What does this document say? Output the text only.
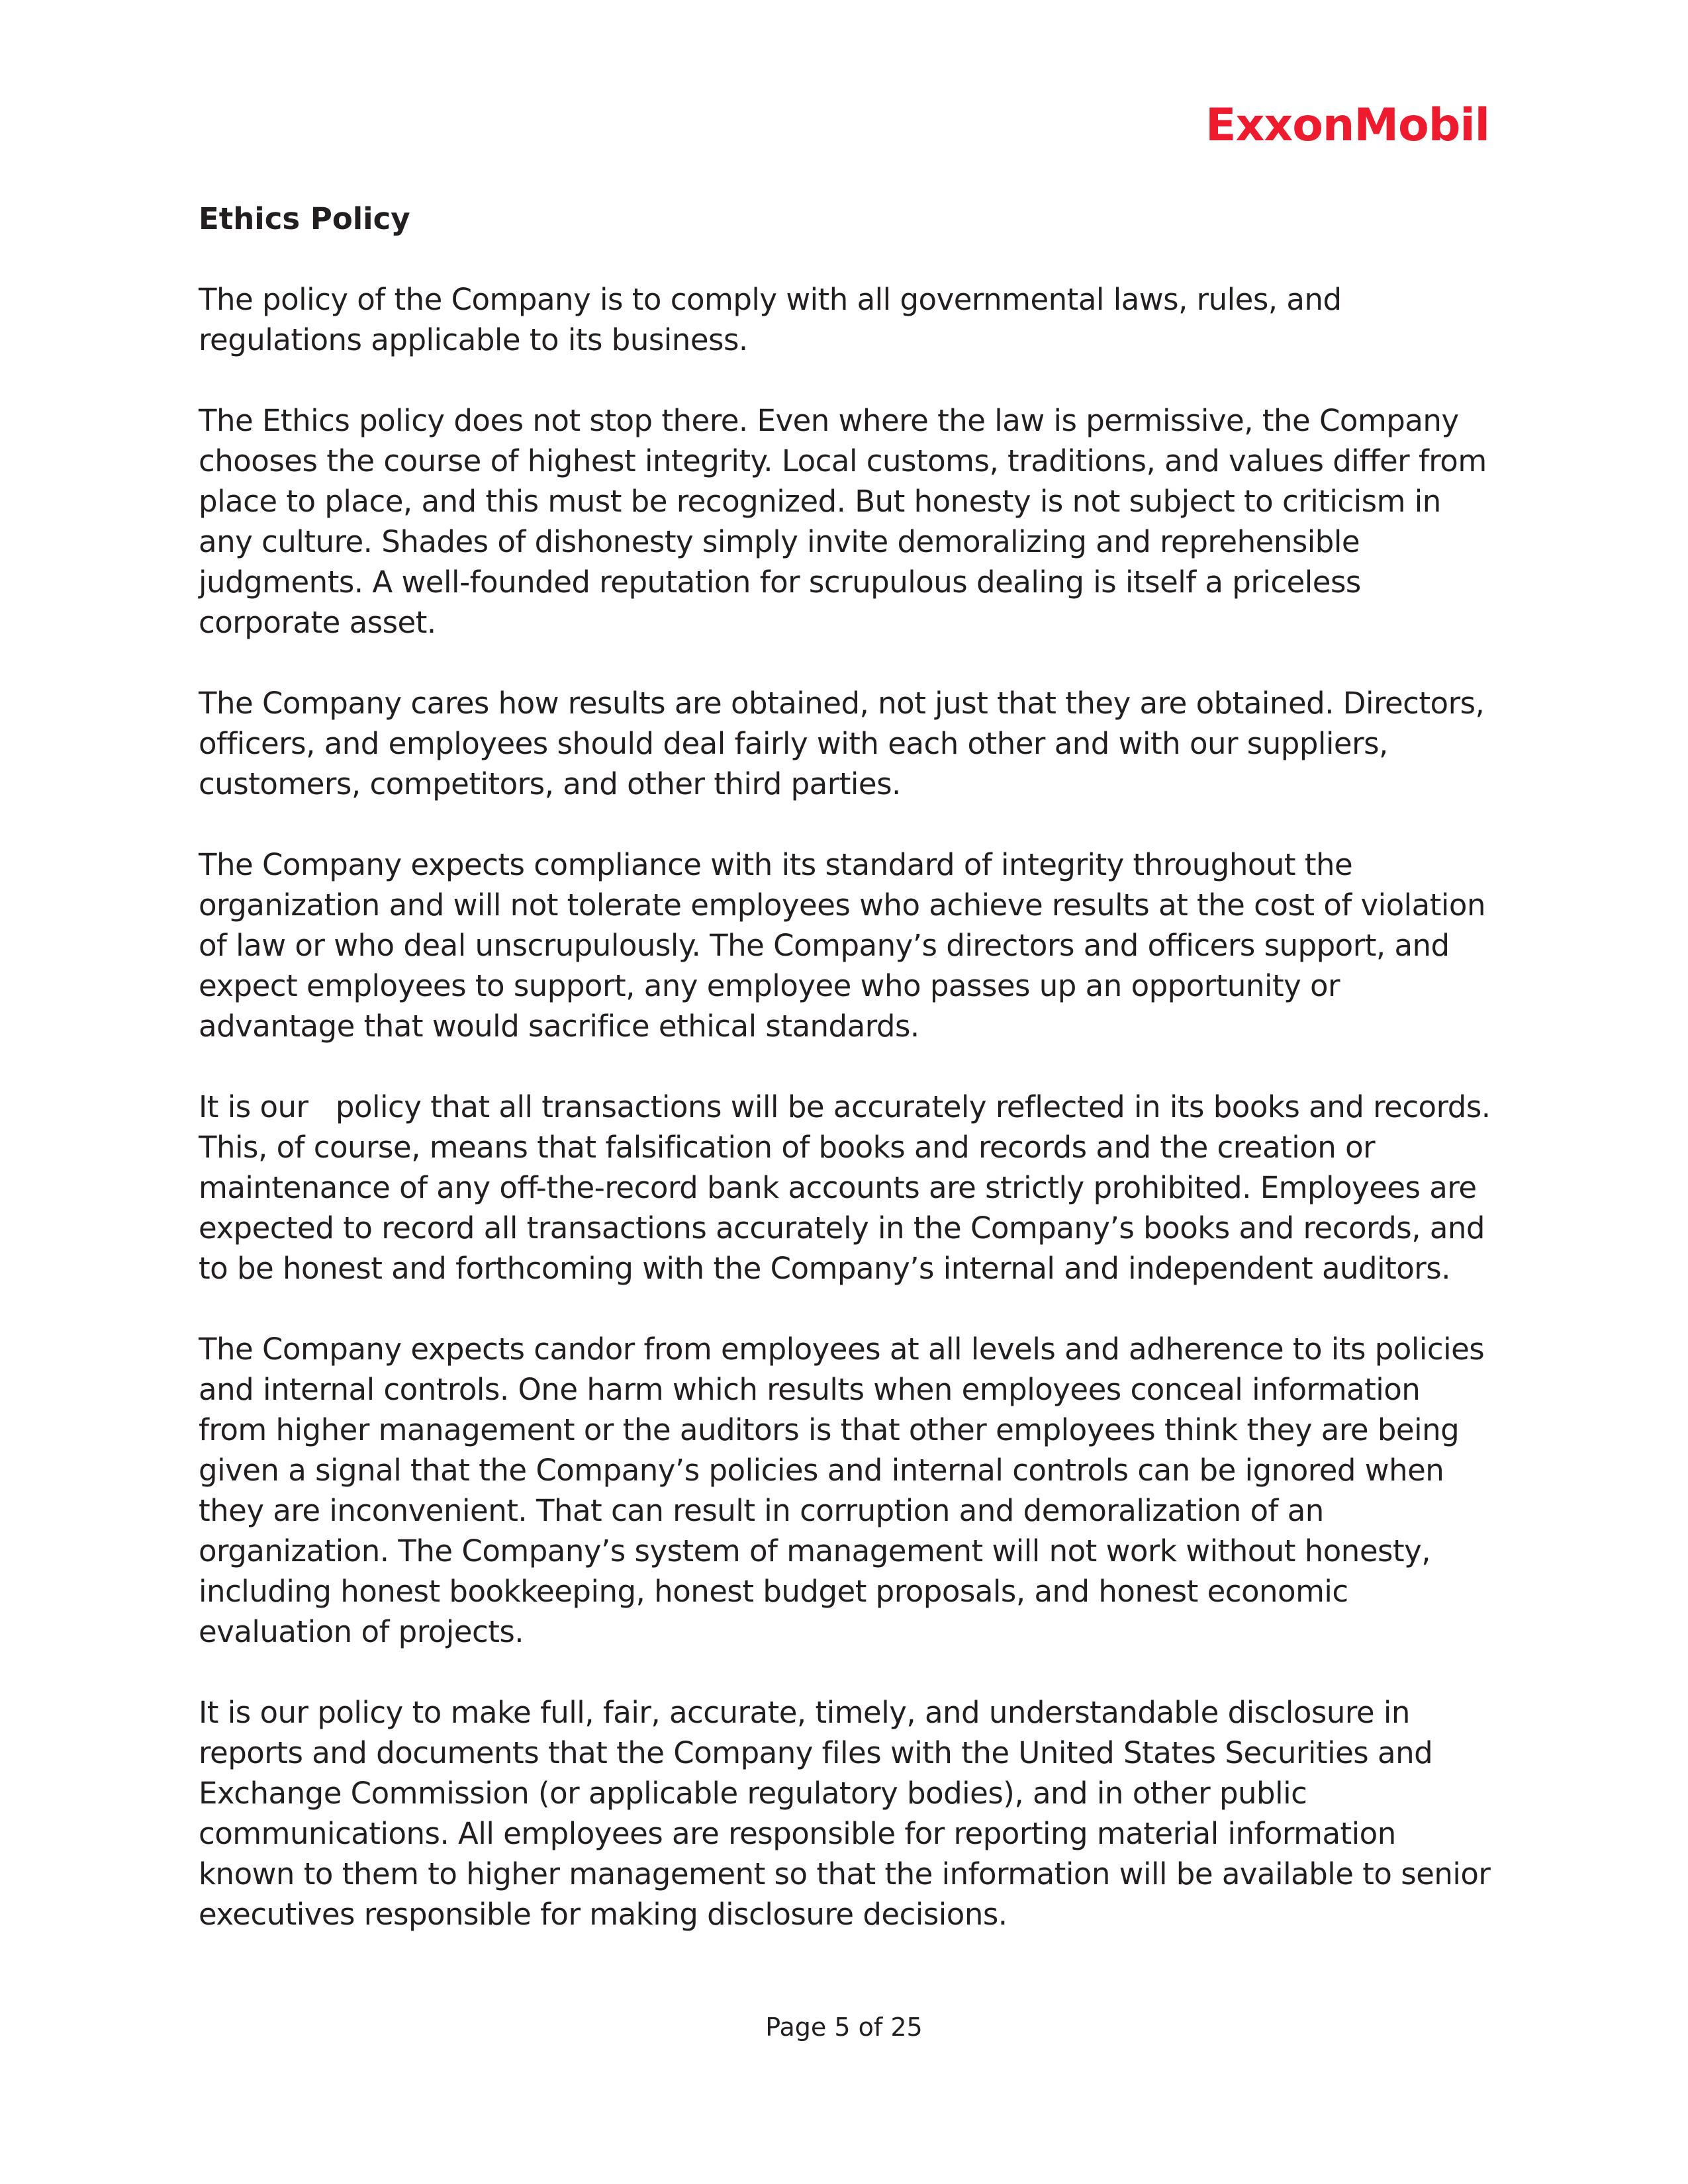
ExxonMobil
Ethics Policy

The policy of the Company is to comply with all governmental laws, rules, and regulations applicable to its business.

The Ethics policy does not stop there. Even where the law is permissive, the Company chooses the course of highest integrity. Local customs, traditions, and values differ from place to place, and this must be recognized. But honesty is not subject to criticism in any culture. Shades of dishonesty simply invite demoralizing and reprehensible judgments. A well-founded reputation for scrupulous dealing is itself a priceless corporate asset.

The Company cares how results are obtained, not just that they are obtained. Directors, officers, and employees should deal fairly with each other and with our suppliers, customers, competitors, and other third parties.

The Company expects compliance with its standard of integrity throughout the organization and will not tolerate employees who achieve results at the cost of violation of law or who deal unscrupulously. The Company’s directors and officers support, and expect employees to support, any employee who passes up an opportunity or advantage that would sacrifice ethical standards.

It is our   policy that all transactions will be accurately reflected in its books and records. This, of course, means that falsification of books and records and the creation or maintenance of any off-the-record bank accounts are strictly prohibited. Employees are expected to record all transactions accurately in the Company’s books and records, and to be honest and forthcoming with the Company’s internal and independent auditors.

The Company expects candor from employees at all levels and adherence to its policies and internal controls. One harm which results when employees conceal information from higher management or the auditors is that other employees think they are being given a signal that the Company’s policies and internal controls can be ignored when they are inconvenient. That can result in corruption and demoralization of an organization. The Company’s system of management will not work without honesty, including honest bookkeeping, honest budget proposals, and honest economic evaluation of projects.

It is our policy to make full, fair, accurate, timely, and understandable disclosure in reports and documents that the Company files with the United States Securities and Exchange Commission (or applicable regulatory bodies), and in other public communications. All employees are responsible for reporting material information known to them to higher management so that the information will be available to senior executives responsible for making disclosure decisions.

Page 5 of 25
